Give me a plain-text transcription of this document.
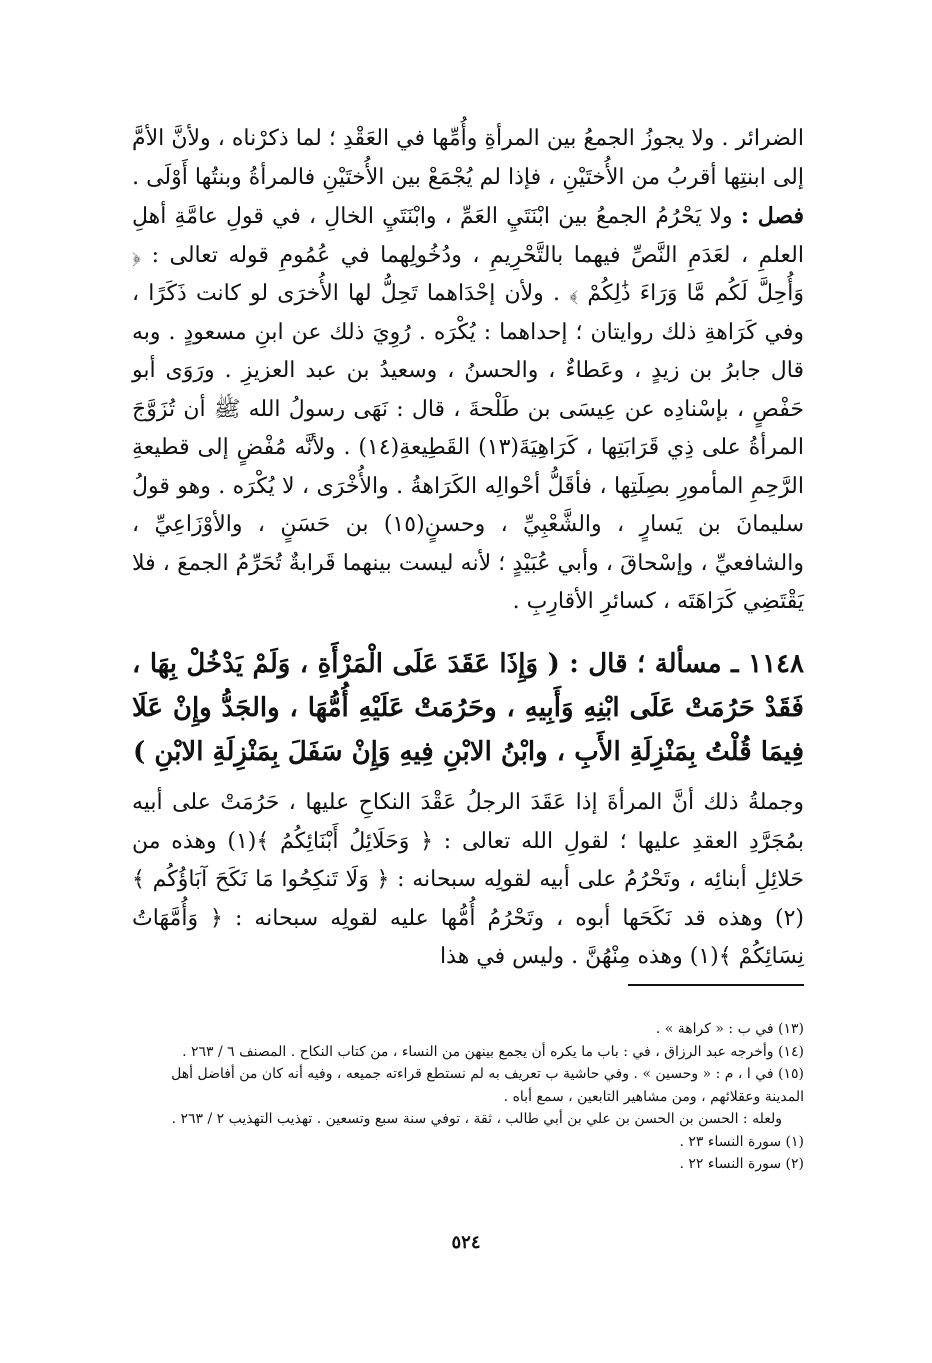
الضرائر . ولا يجوزُ الجمعُ بين المرأةِ وأُمِّها في العَقْدِ ؛ لما ذكرْناه ، ولأنَّ الأمَّ إلى ابنتِها أقربُ من الأُختَيْنِ ، فإذا لم يُجْمَعْ بين الأُختَيْنِ فالمرأةُ وبنتُها أَوْلَى .

فصل : ولا يَحْرُمُ الجمعُ بين ابْنَتَيِ العَمِّ ، وابْنَتَيِ الخالِ ، في قولِ عامَّةِ أهلِ العلمِ ، لعَدَمِ النَّصِّ فيهما بالتَّحْرِيمِ ، ودُخُولِهما في عُمُومِ قوله تعالى : ﴿ وَأُحِلَّ لَكُم مَّا وَرَاءَ ذَٰلِكُمْ ﴾ . ولأن إحْدَاهما تَحِلُّ لها الأُخرَى لو كانت ذَكَرًا ، وفي كَرَاهةِ ذلك روايتان ؛ إحداهما : يُكْرَه . رُوِيَ ذلك عن ابنِ مسعودٍ . وبه قال جابرُ بن زيدٍ ، وعَطاءٌ ، والحسنُ ، وسعيدُ بن عبد العزيزِ . ورَوَى أبو حَفْصٍ ، بإسْنادِه عن عِيسَى بن طَلْحةَ ، قال : نَهَى رسولُ الله ﷺ أن تُزَوَّجَ المرأةُ على ذِي قَرَابَتِها ، كَرَاهِيَةَ(١٣) القَطِيعةِ(١٤) . ولأنَّه مُفْضٍ إلى قطيعةِ الرَّحِمِ المأمورِ بصِلَتِها ، فأقَلُّ أحْوالِه الكَرَاهةُ . والأُخْرَى ، لا يُكْرَه . وهو قولُ سليمانَ بن يَسارٍ ، والشَّعْبِيِّ ، وحسنٍ(١٥) بن حَسَنٍ ، والأوْزَاعِيِّ ، والشافعيِّ ، وإسْحاقَ ، وأبي عُبَيْدٍ ؛ لأنه ليست بينهما قَرابةٌ تُحَرِّمُ الجمعَ ، فلا يَقْتَضِي كَرَاهَتَه ، كسائرِ الأقارِبِ .

١١٤٨ ـ مسألة ؛ قال : ( وَإِذَا عَقَدَ عَلَى الْمَرْأَةِ ، وَلَمْ يَدْخُلْ بِهَا ، فَقَدْ حَرُمَتْ عَلَى ابْنِهِ وَأَبِيهِ ، وحَرُمَتْ عَلَيْهِ أُمُّهَا ، والجَدُّ وإِنْ عَلَا فِيمَا قُلْتُ بِمَنْزِلَةِ الأَبِ ، وابْنُ الابْنِ فِيهِ وَإِنْ سَفَلَ بِمَنْزِلَةِ الابْنِ )

وجملةُ ذلك أنَّ المرأةَ إذا عَقَدَ الرجلُ عَقْدَ النكاحِ عليها ، حَرُمَتْ على أبيه بمُجَرَّدِ العقدِ عليها ؛ لقولِ الله تعالى : ﴿ وَحَلَائِلُ أَبْنَائِكُمُ ﴾(١) وهذه من حَلائِلِ أبنائِه ، وتَحْرُمُ على أبيه لقولِه سبحانه : ﴿ وَلَا تَنكِحُوا مَا نَكَحَ آبَاؤُكُم ﴾(٢) وهذه قد نَكَحَها أبوه ، وتَحْرُمُ أُمُّها عليه لقولِه سبحانه : ﴿ وَأُمَّهَاتُ نِسَائِكُمْ ﴾(١) وهذه مِنْهُنَّ . وليس في هذا

(١٣) في ب : « كراهة » .

(١٤) وأخرجه عبد الرزاق ، في : باب ما يكره أن يجمع بينهن من النساء ، من كتاب النكاح . المصنف ٦ / ٢٦٣ .

(١٥) في ا ، م : « وحسين » . وفي حاشية ب تعريف به لم نستطع قراءته جميعه ، وفيه أنه كان من أفاضل أهل المدينة وعقلائهم ، ومن مشاهير التابعين ، سمع أباه .

ولعله : الحسن بن الحسن بن علي بن أبي طالب ، ثقة ، توفي سنة سبع وتسعين . تهذيب التهذيب ٢ / ٢٦٣ .

(١) سورة النساء ٢٣ .

(٢) سورة النساء ٢٢ .

٥٢٤
